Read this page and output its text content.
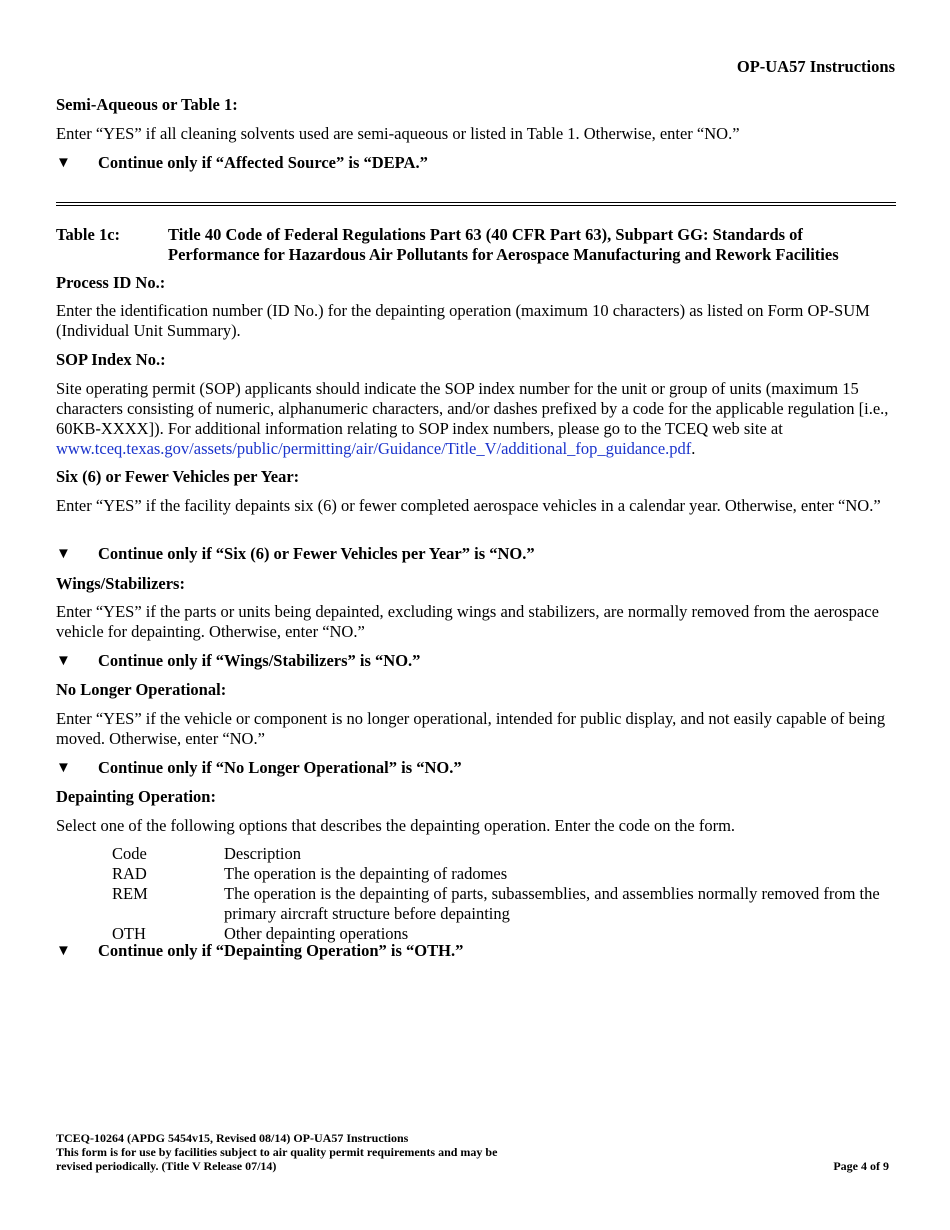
OP-UA57 Instructions

Semi-Aqueous or Table 1:

Enter “YES” if all cleaning solvents used are semi-aqueous or listed in Table 1. Otherwise, enter “NO.”

▼ Continue only if “Affected Source” is “DEPA.”
Table 1c:	Title 40 Code of Federal Regulations Part 63 (40 CFR Part 63), Subpart GG: Standards of Performance for Hazardous Air Pollutants for Aerospace Manufacturing and Rework Facilities

Process ID No.:

Enter the identification number (ID No.) for the depainting operation (maximum 10 characters) as listed on Form OP-SUM (Individual Unit Summary).

SOP Index No.:

Site operating permit (SOP) applicants should indicate the SOP index number for the unit or group of units (maximum 15 characters consisting of numeric, alphanumeric characters, and/or dashes prefixed by a code for the applicable regulation [i.e., 60KB-XXXX]). For additional information relating to SOP index numbers, please go to the TCEQ web site at www.tceq.texas.gov/assets/public/permitting/air/Guidance/Title_V/additional_fop_guidance.pdf.

Six (6) or Fewer Vehicles per Year:

Enter “YES” if the facility depaints six (6) or fewer completed aerospace vehicles in a calendar year. Otherwise, enter “NO.”

▼ Continue only if “Six (6) or Fewer Vehicles per Year” is “NO.”

Wings/Stabilizers:

Enter “YES” if the parts or units being depainted, excluding wings and stabilizers, are normally removed from the aerospace vehicle for depainting. Otherwise, enter “NO.”

▼ Continue only if “Wings/Stabilizers” is “NO.”

No Longer Operational:

Enter “YES” if the vehicle or component is no longer operational, intended for public display, and not easily capable of being moved. Otherwise, enter “NO.”

▼ Continue only if “No Longer Operational” is “NO.”

Depainting Operation:

Select one of the following options that describes the depainting operation. Enter the code on the form.

Code	Description
RAD	The operation is the depainting of radomes
REM	The operation is the depainting of parts, subassemblies, and assemblies normally removed from the primary aircraft structure before depainting
OTH	Other depainting operations
▼ Continue only if “Depainting Operation” is “OTH.”
TCEQ-10264 (APDG 5454v15, Revised 08/14) OP-UA57 Instructions
This form is for use by facilities subject to air quality permit requirements and may be
revised periodically. (Title V Release 07/14)	Page 4 of 9
